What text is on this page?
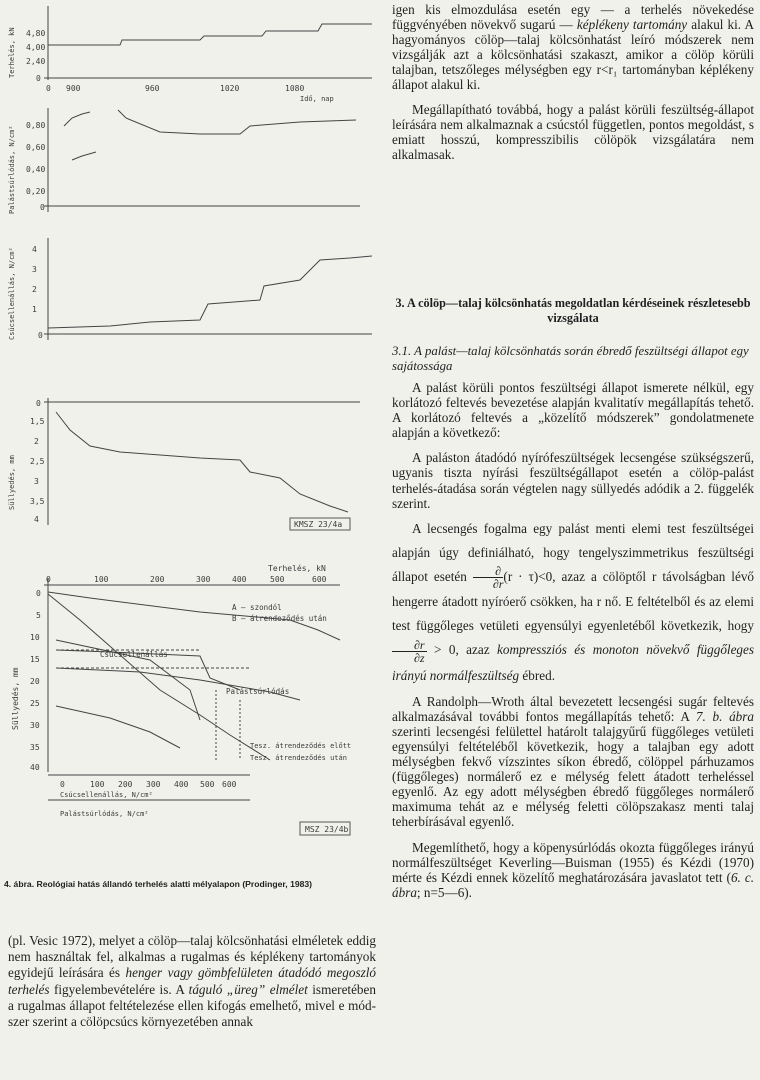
4,80
4,00
2,40
0
0 900	960	1020	1080
Idő, nap
Terhelés, kN
0,80
0,60
0,40
0,20
0
Palástsúrlódás, N/cm²
4
3
2
1
0
Csúcsellenállás, N/cm²
0
1,5
2
2,5
3
3,5
4
Süllyedés, mm
KMSZ 23/4a
Terhelés, kN
0	100	200	300	400	500	600
0
5
10
15
20
25
30
35
40
Süllyedés, mm
A – szondól
B – átrendeződés után
Csúcsellenállás
Palástsúrlódás
Tesz. átrendeződés előtt
Tesz. átrendeződés után
0	100 200 300 400 500 600
Csúcsellenállás, N/cm²
Palástsúrlódás, N/cm²
MSZ 23/4b
4. ábra. Reológiai hatás állandó terhelés alatti mélyalapon (Prodinger, 1983)

(pl. Vesic 1972), melyet a cölöp—talaj kölcsönhatási elméletek eddig nem használtak fel, alkalmas a rugalmas és képlékeny tartományok egyidejű leírására és henger vagy gömbfelületen átadódó megoszló terhelés figyelembevételére is. A táguló „üreg” elmélet ismeretében a rugalmas állapot feltételezése ellen kifogás emelhető, mivel e módszer szerint a cölöpcsúcs környezetében annak

igen kis elmozdulása esetén egy — a terhelés növekedése függvényében növekvő sugarú — képlékeny tartomány alakul ki. A hagyományos cölöp—talaj kölcsönhatást leíró módszerek nem vizsgálják azt a kölcsönhatási szakaszt, amikor a cölöp körüli talajban, tetszőleges mélységben egy r<r₁ tartományban képlékeny állapot alakul ki.

Megállapítható továbbá, hogy a palást körüli feszültség-állapot leírására nem alkalmaznak a csúcstól független, pontos megoldást, s emiatt hosszú, kompresszibilis cölöpök vizsgálatára nem alkalmasak.

3. A cölöp—talaj kölcsönhatás megoldatlan kérdéseinek részletesebb vizsgálata

3.1. A palást—talaj kölcsönhatás során ébredő feszültségi állapot egy sajátossága

A palást körüli pontos feszültségi állapot ismerete nélkül, egy korlátozó feltevés bevezetése alapján kvalitatív megállapítás tehető. A korlátozó feltevés a „közelítő módszerek” gondolatmenete alapján a következő:

A paláston átadódó nyírófeszültségek lecsengése szükségszerű, ugyanis tiszta nyírási feszültségállapot esetén a cölöp-palást terhelés-átadása során végtelen nagy süllyedés adódik a 2. függelék szerint.

A lecsengés fogalma egy palást menti elemi test feszültségei alapján úgy definiálható, hogy tengelyszimmetrikus feszültségi állapot esetén $\frac{\partial}{\partial r} (r \cdot \tau)<0$, azaz a cölöptől r távolságban lévő hengerre átadott nyíróerő csökken, ha r nő. E feltételből és az elemi test függőleges vetületi egyensúlyi egyenletéből következik, hogy
$\frac{\partial r}{\partial z} > 0$, azaz kompressziós és monoton növekvő függőleges irányú normálfeszültség ébred.

A Randolph—Wroth által bevezetett lecsengési sugár feltevés alkalmazásával további fontos megállapítás tehető: A 7. b. ábra szerinti lecsengési felülettel határolt talajgyűrű függőleges vetületi egyensúlyi feltételéből következik, hogy a talajban egy adott mélységben fekvő vízszintes síkon ébredő, cölöppel párhuzamos (függőleges) normálerő ez e mélység felett átadott terheléssel egyenlő. Az egy adott mélységben ébredő függőleges normálerő maximuma tehát az e mélység feletti cölöpszakasz menti talaj teherbírásával egyenlő.

Megemlíthető, hogy a köpenysúrlódás okozta függőleges irányú normálfeszültséget Keverling—Buisman (1955) és Kézdi (1970) mérte és Kézdi ennek közelítő meghatározására javaslatot tett (6. c. ábra; n=5—6).
